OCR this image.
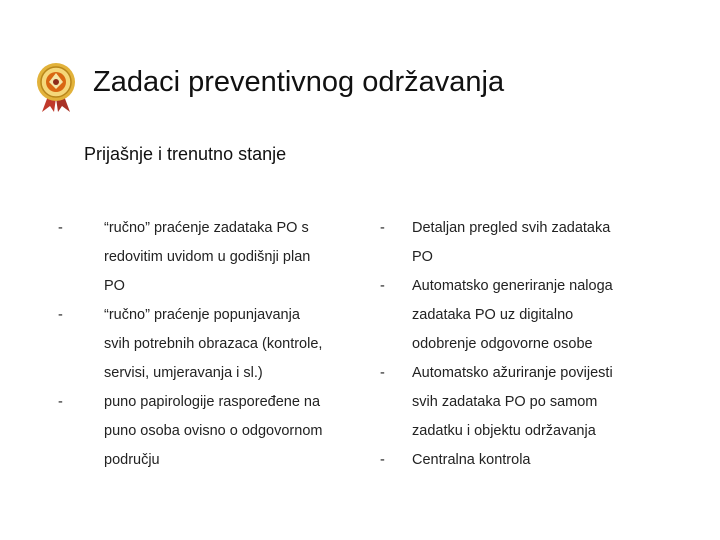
Zadaci preventivnog održavanja
Prijašnje i trenutno stanje
-	“ručno” praćenje zadataka PO s
redovitim uvidom u godišnji plan
PO
-	“ručno” praćenje popunjavanja
svih potrebnih obrazaca (kontrole,
servisi, umjeravanja i sl.)
-	puno papirologije raspoređene na
puno osoba ovisno o odgovornom
području
- Detaljan pregled svih zadataka
PO
- Automatsko generiranje naloga
zadataka PO uz digitalno
odobrenje odgovorne osobe
- Automatsko ažuriranje povijesti
svih zadataka PO po samom
zadatku i objektu održavanja
- Centralna kontrola
